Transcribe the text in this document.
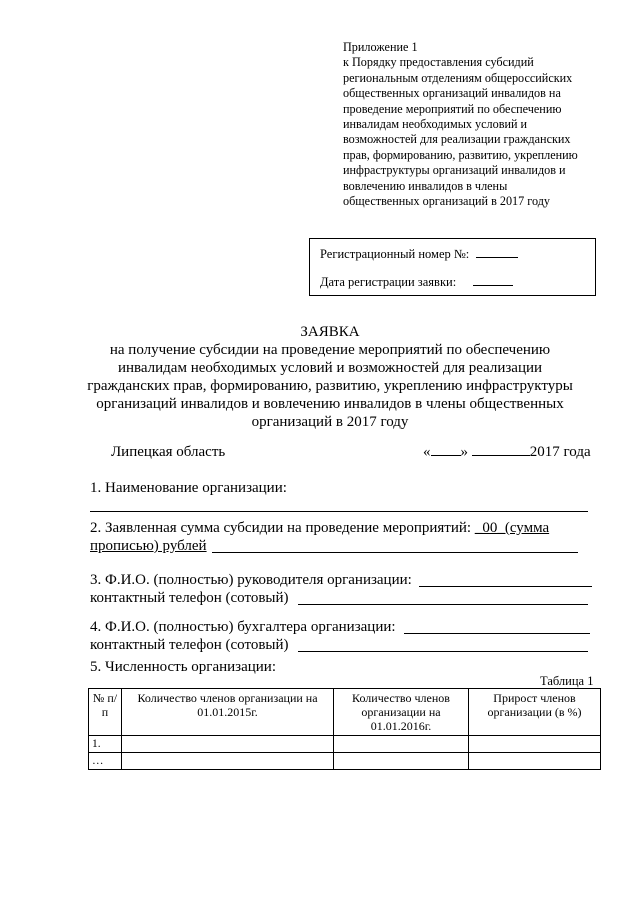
Приложение 1
к Порядку предоставления субсидий
региональным отделениям общероссийских
общественных организаций инвалидов на
проведение мероприятий по обеспечению
инвалидам необходимых условий и
возможностей для реализации гражданских
прав, формированию, развитию, укреплению
инфраструктуры организаций инвалидов и
вовлечению инвалидов в члены
общественных организаций в 2017 году
Регистрационный номер №:
Дата регистрации заявки:
ЗАЯВКА
на получение субсидии на проведение мероприятий по обеспечению
инвалидам необходимых условий и возможностей для реализации
гражданских прав, формированию, развитию, укреплению инфраструктуры
организаций инвалидов и вовлечению инвалидов в члены общественных
организаций в 2017 году
Липецкая область	« »	2017 года
1. Наименование организации:
2. Заявленная сумма субсидии на проведение мероприятий: _00_(сумма
прописью) рублей
3. Ф.И.О. (полностью) руководителя организации:
контактный телефон (сотовый)
4. Ф.И.О. (полностью) бухгалтера организации:
контактный телефон (сотовый)
5. Численность организации:
Таблица 1
№ п/п	Количество членов организации на 01.01.2015г.	Количество членов организации на 01.01.2016г.	Прирост членов организации (в %)
1.			
…			
